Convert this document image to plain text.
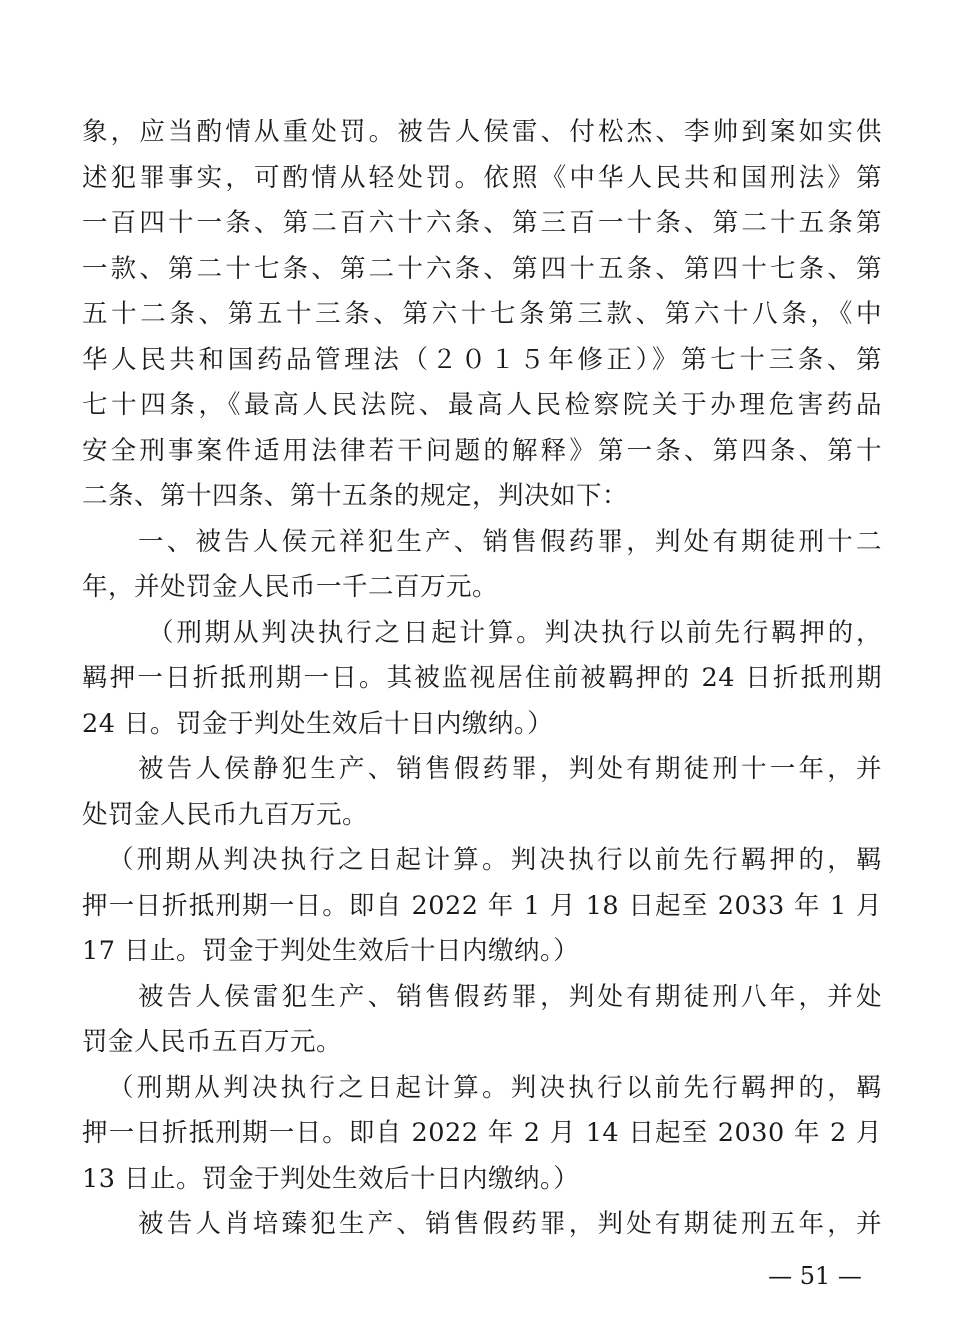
象，应当酌情从重处罚。被告人侯雷、付松杰、李帅到案如实供
述犯罪事实，可酌情从轻处罚。依照《中华人民共和国刑法》第
一百四十一条、第二百六十六条、第三百一十条、第二十五条第
一款、第二十七条、第二十六条、第四十五条、第四十七条、第
五十二条、第五十三条、第六十七条第三款、第六十八条，《中
华人民共和国药品管理法（２０１５年修正）》第七十三条、第
七十四条，《最高人民法院、最高人民检察院关于办理危害药品
安全刑事案件适用法律若干问题的解释》第一条、第四条、第十
二条、第十四条、第十五条的规定，判决如下：
一、被告人侯元祥犯生产、销售假药罪，判处有期徒刑十二
年，并处罚金人民币一千二百万元。
（刑期从判决执行之日起计算。判决执行以前先行羁押的，
羁押一日折抵刑期一日。其被监视居住前被羁押的 24 日折抵刑期
24 日。罚金于判处生效后十日内缴纳。）
被告人侯静犯生产、销售假药罪，判处有期徒刑十一年，并
处罚金人民币九百万元。
（刑期从判决执行之日起计算。判决执行以前先行羁押的，羁
押一日折抵刑期一日。即自 2022 年 1 月 18 日起至 2033 年 1 月
17 日止。罚金于判处生效后十日内缴纳。）
被告人侯雷犯生产、销售假药罪，判处有期徒刑八年，并处
罚金人民币五百万元。
（刑期从判决执行之日起计算。判决执行以前先行羁押的，羁
押一日折抵刑期一日。即自 2022 年 2 月 14 日起至 2030 年 2 月
13 日止。罚金于判处生效后十日内缴纳。）
被告人肖培臻犯生产、销售假药罪，判处有期徒刑五年，并
— 51 —
